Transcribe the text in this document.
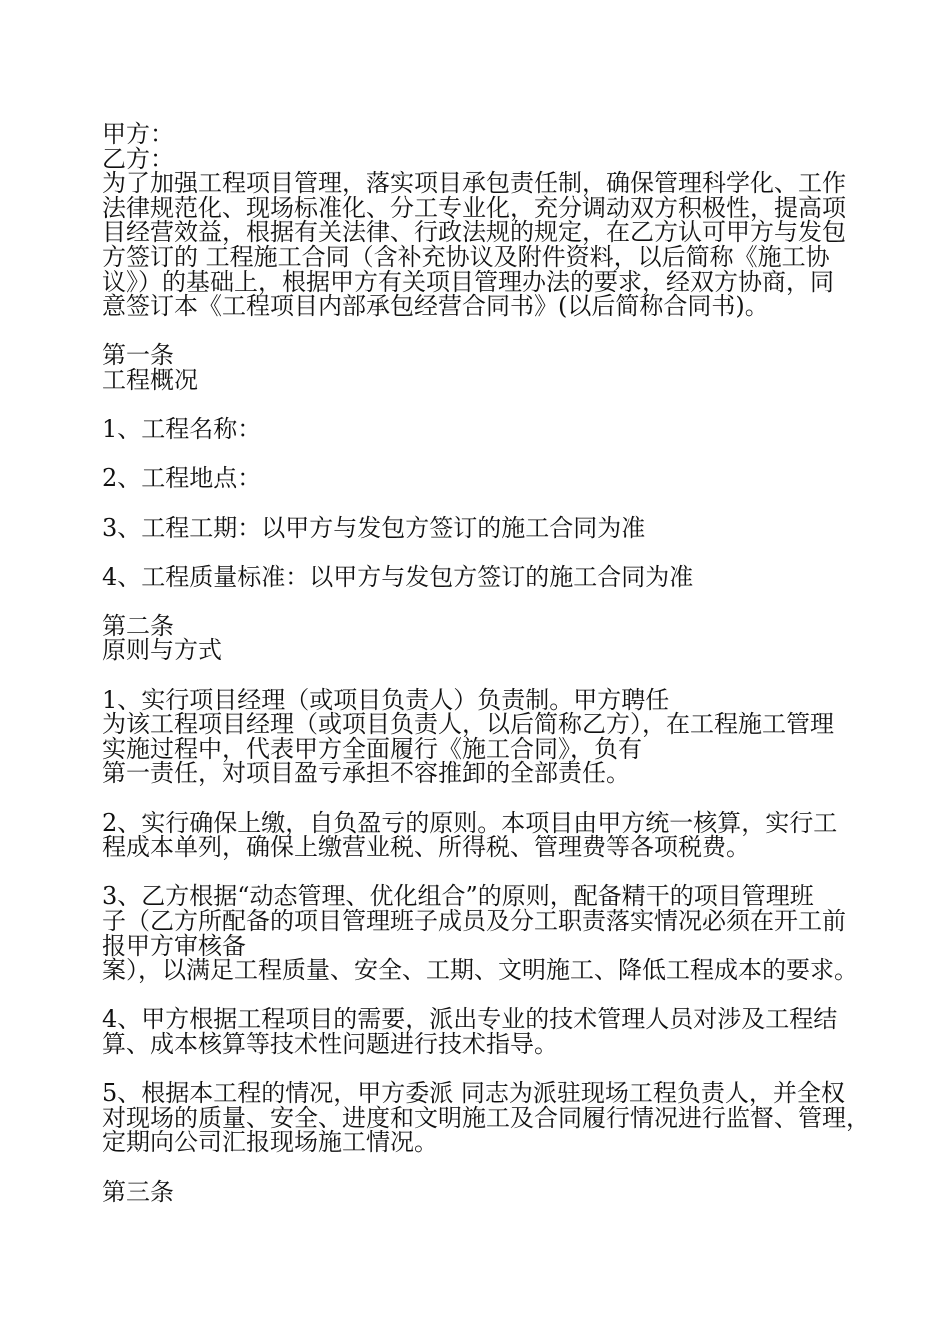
甲方：
乙方：
为了加强工程项目管理，落实项目承包责任制，确保管理科学化、工作
法律规范化、现场标准化、分工专业化，充分调动双方积极性，提高项
目经营效益，根据有关法律、行政法规的规定，在乙方认可甲方与发包
方签订的 工程施工合同（含补充协议及附件资料，以后简称《施工协
议》）的基础上，根据甲方有关项目管理办法的要求，经双方协商，同
意签订本《工程项目内部承包经营合同书》(以后简称合同书)。
第一条
工程概况
1、工程名称：
2、工程地点：
3、工程工期：以甲方与发包方签订的施工合同为准
4、工程质量标准：以甲方与发包方签订的施工合同为准
第二条
原则与方式
1、实行项目经理（或项目负责人）负责制。甲方聘任
为该工程项目经理（或项目负责人，以后简称乙方），在工程施工管理
实施过程中，代表甲方全面履行《施工合同》，负有
第一责任，对项目盈亏承担不容推卸的全部责任。
2、实行确保上缴，自负盈亏的原则。本项目由甲方统一核算，实行工
程成本单列，确保上缴营业税、所得税、管理费等各项税费。
3、乙方根据“动态管理、优化组合”的原则，配备精干的项目管理班
子（乙方所配备的项目管理班子成员及分工职责落实情况必须在开工前
报甲方审核备
案），以满足工程质量、安全、工期、文明施工、降低工程成本的要求。
4、甲方根据工程项目的需要，派出专业的技术管理人员对涉及工程结
算、成本核算等技术性问题进行技术指导。
5、根据本工程的情况，甲方委派 同志为派驻现场工程负责人，并全权
对现场的质量、安全、进度和文明施工及合同履行情况进行监督、管理，
定期向公司汇报现场施工情况。
第三条
